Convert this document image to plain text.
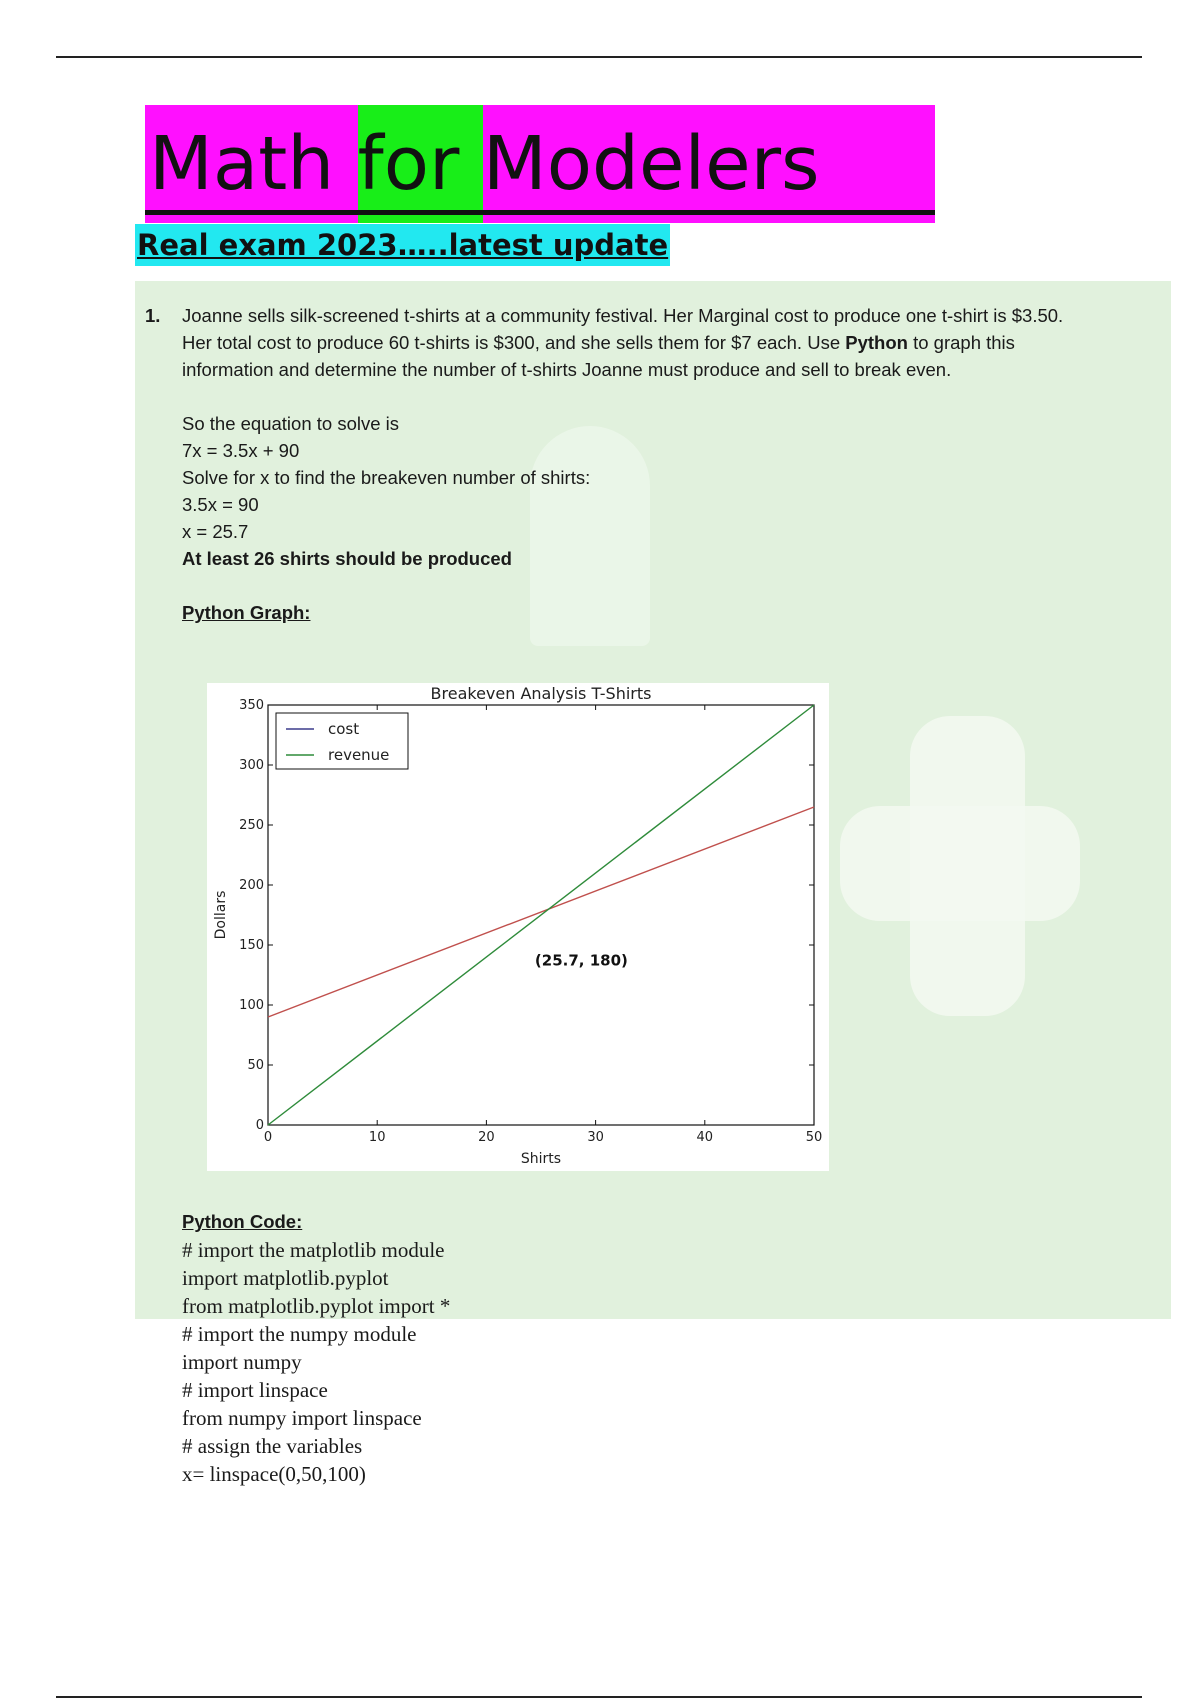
Math for Modelers
Real exam 2023…..latest update
1. Joanne sells silk-screened t-shirts at a community festival. Her Marginal cost to produce one t-shirt is $3.50. Her total cost to produce 60 t-shirts is $300, and she sells them for $7 each. Use Python to graph this information and determine the number of t-shirts Joanne must produce and sell to break even.

So the equation to solve is

7x = 3.5x + 90

Solve for x to find the breakeven number of shirts:

3.5x = 90

x = 25.7

At least 26 shirts should be produced

Python Graph:

Breakeven Analysis T-Shirts
0	10	20	30	40	50
0
50
100
150
200
250
300
350
Shirts
Dollars
(25.7, 180)
cost
revenue
Python Code:
# import the matplotlib module
import matplotlib.pyplot
from matplotlib.pyplot import *
# import the numpy module
import numpy
# import linspace
from numpy import linspace
# assign the variables
x= linspace(0,50,100)
